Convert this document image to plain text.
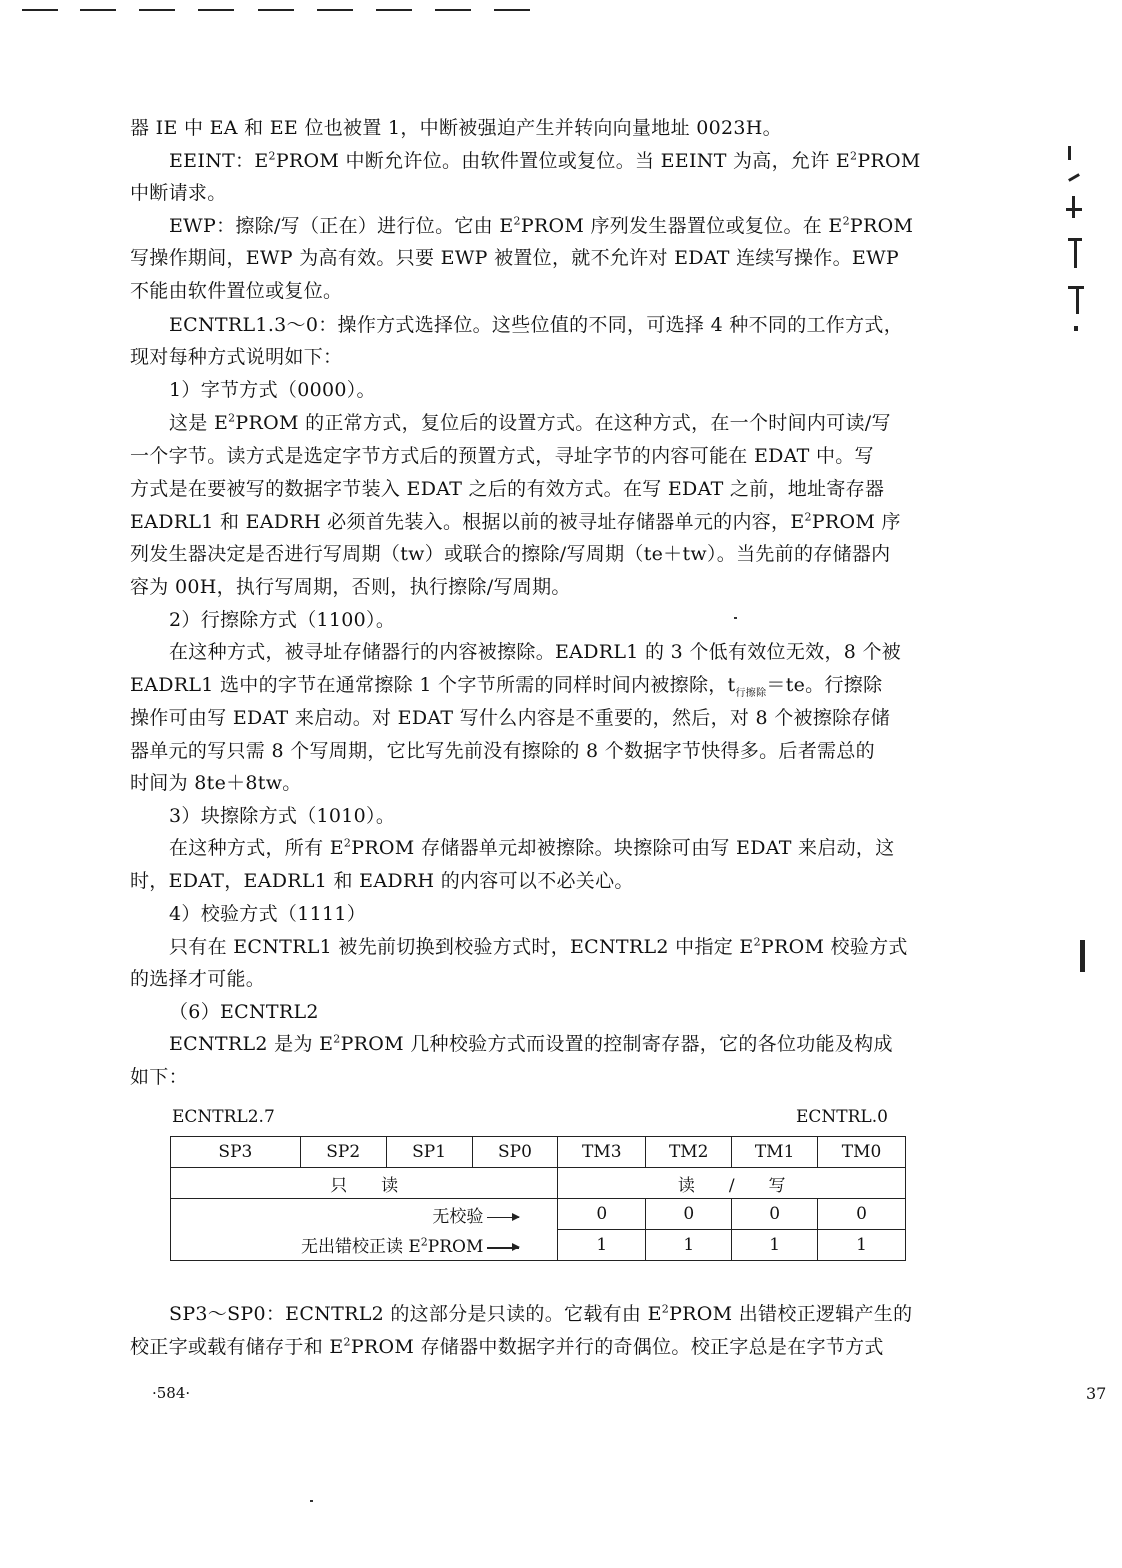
器 IE 中 EA 和 EE 位也被置 1，中断被强迫产生并转向向量地址 0023H。
EEINT：$E^2PROM$ 中断允许位。由软件置位或复位。当 EEINT 为高，允许 $E^2PROM$
中断请求。
EWP：擦除/写（正在）进行位。它由 $E^2PROM$ 序列发生器置位或复位。在 $E^2PROM$
写操作期间，EWP 为高有效。只要 EWP 被置位，就不允许对 EDAT 连续写操作。EWP
不能由软件置位或复位。
ECNTRL1.3～0：操作方式选择位。这些位值的不同，可选择 4 种不同的工作方式，
现对每种方式说明如下：
1）字节方式（0000）。
这是 $E^2PROM$ 的正常方式，复位后的设置方式。在这种方式，在一个时间内可读/写
一个字节。读方式是选定字节方式后的预置方式，寻址字节的内容可能在 EDAT 中。写
方式是在要被写的数据字节装入 EDAT 之后的有效方式。在写 EDAT 之前，地址寄存器
EADRL1 和 EADRH 必须首先装入。根据以前的被寻址存储器单元的内容，$E^2PROM$ 序
列发生器决定是否进行写周期（tw）或联合的擦除/写周期（te＋tw）。当先前的存储器内
容为 00H，执行写周期，否则，执行擦除/写周期。
2）行擦除方式（1100）。
在这种方式，被寻址存储器行的内容被擦除。EADRL1 的 3 个低有效位无效，8 个被
EADRL1 选中的字节在通常擦除 1 个字节所需的同样时间内被擦除，$t_{行擦除}=te$。行擦除
操作可由写 EDAT 来启动。对 EDAT 写什么内容是不重要的，然后，对 8 个被擦除存储
器单元的写只需 8 个写周期，它比写先前没有擦除的 8 个数据字节快得多。后者需总的
时间为 8te＋8tw。
3）块擦除方式（1010）。
在这种方式，所有 $E^2PROM$ 存储器单元却被擦除。块擦除可由写 EDAT 来启动，这
时，EDAT，EADRL1 和 EADRH 的内容可以不必关心。
4）校验方式（1111）
只有在 ECNTRL1 被先前切换到校验方式时，ECNTRL2 中指定 $E^2PROM$ 校验方式
的选择才可能。
（6）ECNTRL2
ECNTRL2 是为 $E^2PROM$ 几种校验方式而设置的控制寄存器，它的各位功能及构成
如下：
ECNTRL2.7	ECNTRL.0
SP3	SP2	SP1	SP0	TM3	TM2	TM1	TM0
只　　读				读　　/　　写			
无校验				0	0	0	0
无出错校正读 $E^2PROM$				1	1	1	1
SP3～SP0：ECNTRL2 的这部分是只读的。它载有由 $E^2PROM$ 出错校正逻辑产生的
校正字或载有储存于和 $E^2PROM$ 存储器中数据字并行的奇偶位。校正字总是在字节方式
·584·	37
